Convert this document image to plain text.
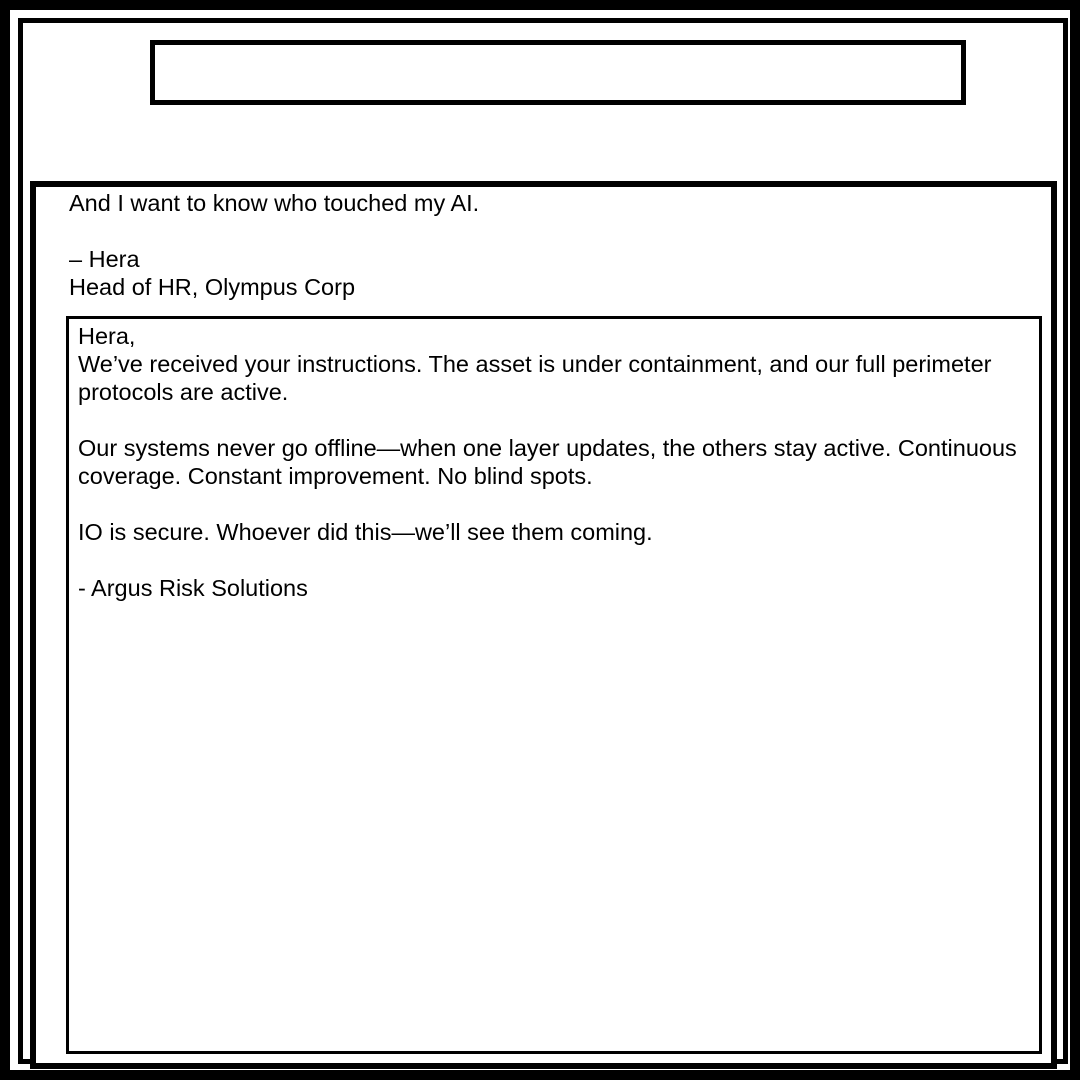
And I want to know who touched my AI.

– Hera
Head of HR, Olympus Corp
Hera,
We’ve received your instructions. The asset is under containment, and our full perimeter protocols are active.

Our systems never go offline—when one layer updates, the others stay active. Continuous coverage. Constant improvement. No blind spots.

IO is secure. Whoever did this—we’ll see them coming.

- Argus Risk Solutions
